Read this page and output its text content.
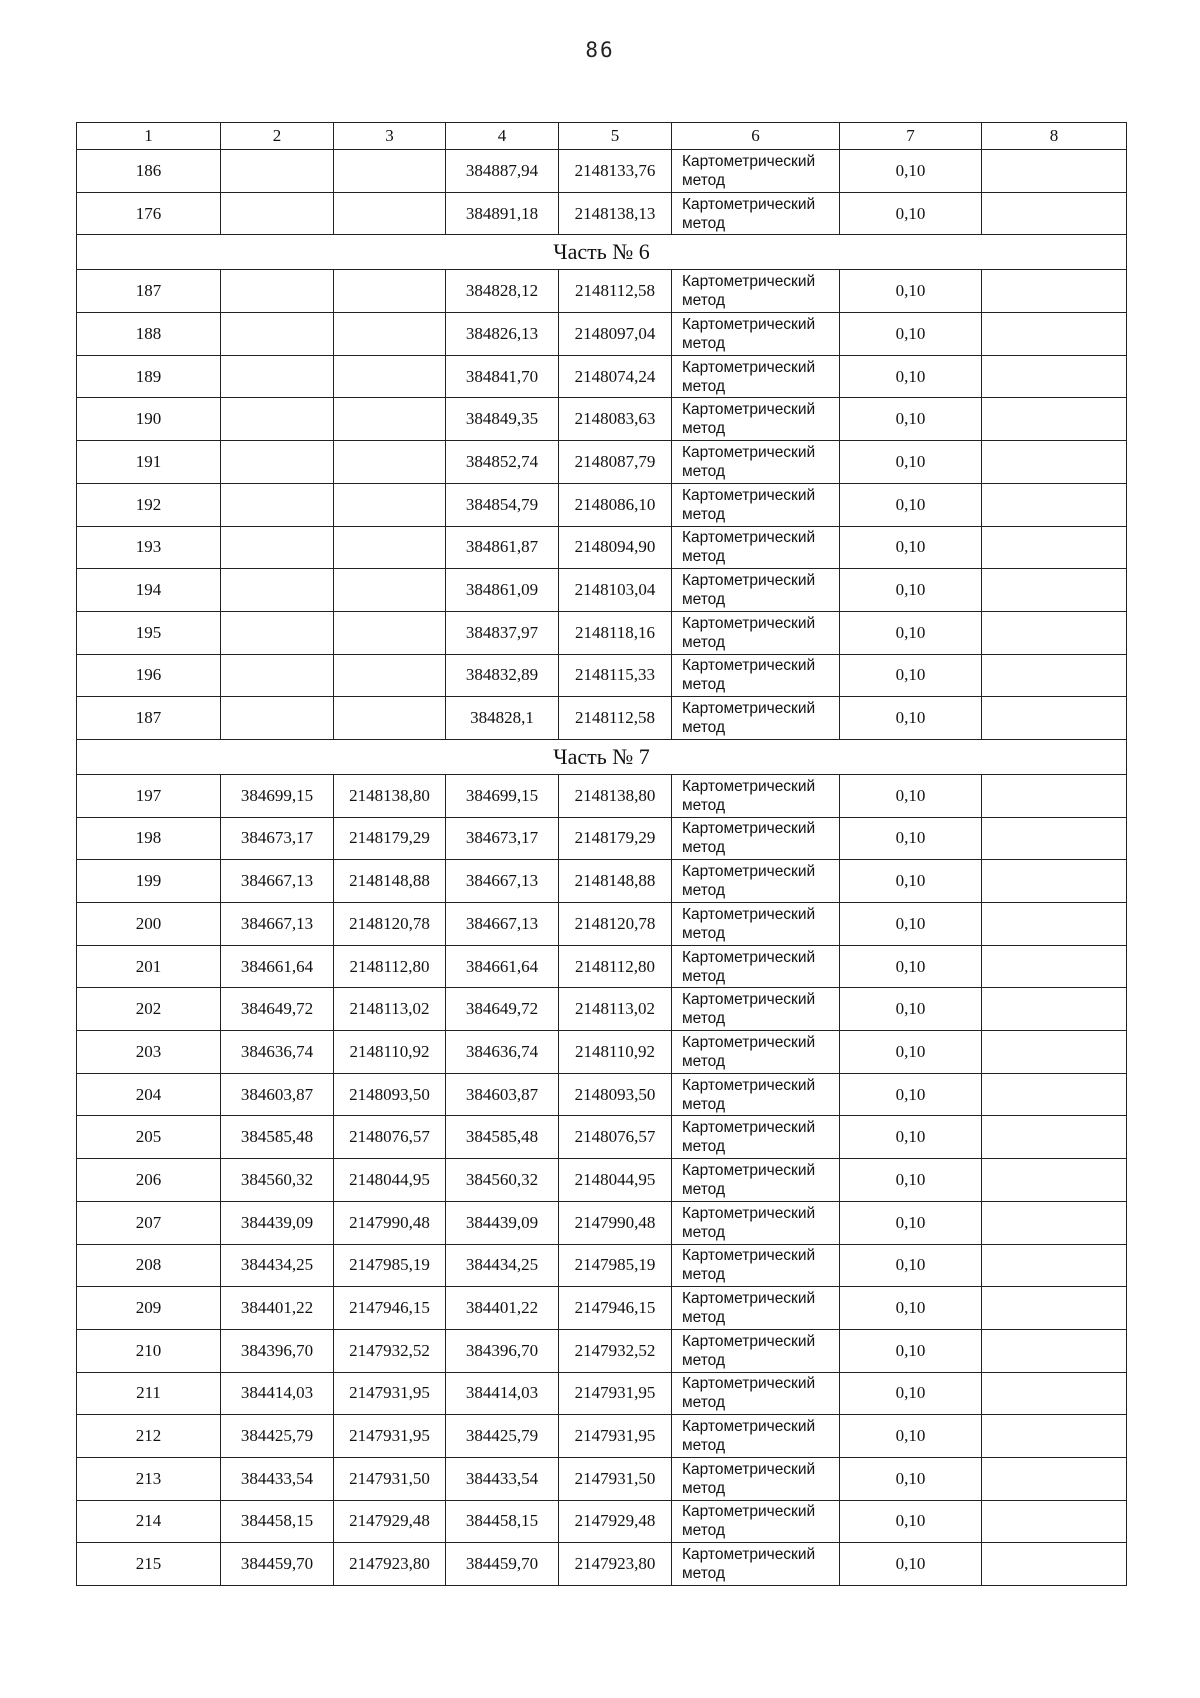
86
1	2	3	4	5	6	7	8
186			384887,94	2148133,76	Картометрический метод	0,10	
176			384891,18	2148138,13	Картометрический метод	0,10	
Часть № 6							
187			384828,12	2148112,58	Картометрический метод	0,10	
188			384826,13	2148097,04	Картометрический метод	0,10	
189			384841,70	2148074,24	Картометрический метод	0,10	
190			384849,35	2148083,63	Картометрический метод	0,10	
191			384852,74	2148087,79	Картометрический метод	0,10	
192			384854,79	2148086,10	Картометрический метод	0,10	
193			384861,87	2148094,90	Картометрический метод	0,10	
194			384861,09	2148103,04	Картометрический метод	0,10	
195			384837,97	2148118,16	Картометрический метод	0,10	
196			384832,89	2148115,33	Картометрический метод	0,10	
187			384828,1	2148112,58	Картометрический метод	0,10	
Часть № 7							
197	384699,15	2148138,80	384699,15	2148138,80	Картометрический метод	0,10	
198	384673,17	2148179,29	384673,17	2148179,29	Картометрический метод	0,10	
199	384667,13	2148148,88	384667,13	2148148,88	Картометрический метод	0,10	
200	384667,13	2148120,78	384667,13	2148120,78	Картометрический метод	0,10	
201	384661,64	2148112,80	384661,64	2148112,80	Картометрический метод	0,10	
202	384649,72	2148113,02	384649,72	2148113,02	Картометрический метод	0,10	
203	384636,74	2148110,92	384636,74	2148110,92	Картометрический метод	0,10	
204	384603,87	2148093,50	384603,87	2148093,50	Картометрический метод	0,10	
205	384585,48	2148076,57	384585,48	2148076,57	Картометрический метод	0,10	
206	384560,32	2148044,95	384560,32	2148044,95	Картометрический метод	0,10	
207	384439,09	2147990,48	384439,09	2147990,48	Картометрический метод	0,10	
208	384434,25	2147985,19	384434,25	2147985,19	Картометрический метод	0,10	
209	384401,22	2147946,15	384401,22	2147946,15	Картометрический метод	0,10	
210	384396,70	2147932,52	384396,70	2147932,52	Картометрический метод	0,10	
211	384414,03	2147931,95	384414,03	2147931,95	Картометрический метод	0,10	
212	384425,79	2147931,95	384425,79	2147931,95	Картометрический метод	0,10	
213	384433,54	2147931,50	384433,54	2147931,50	Картометрический метод	0,10	
214	384458,15	2147929,48	384458,15	2147929,48	Картометрический метод	0,10	
215	384459,70	2147923,80	384459,70	2147923,80	Картометрический метод	0,10	
